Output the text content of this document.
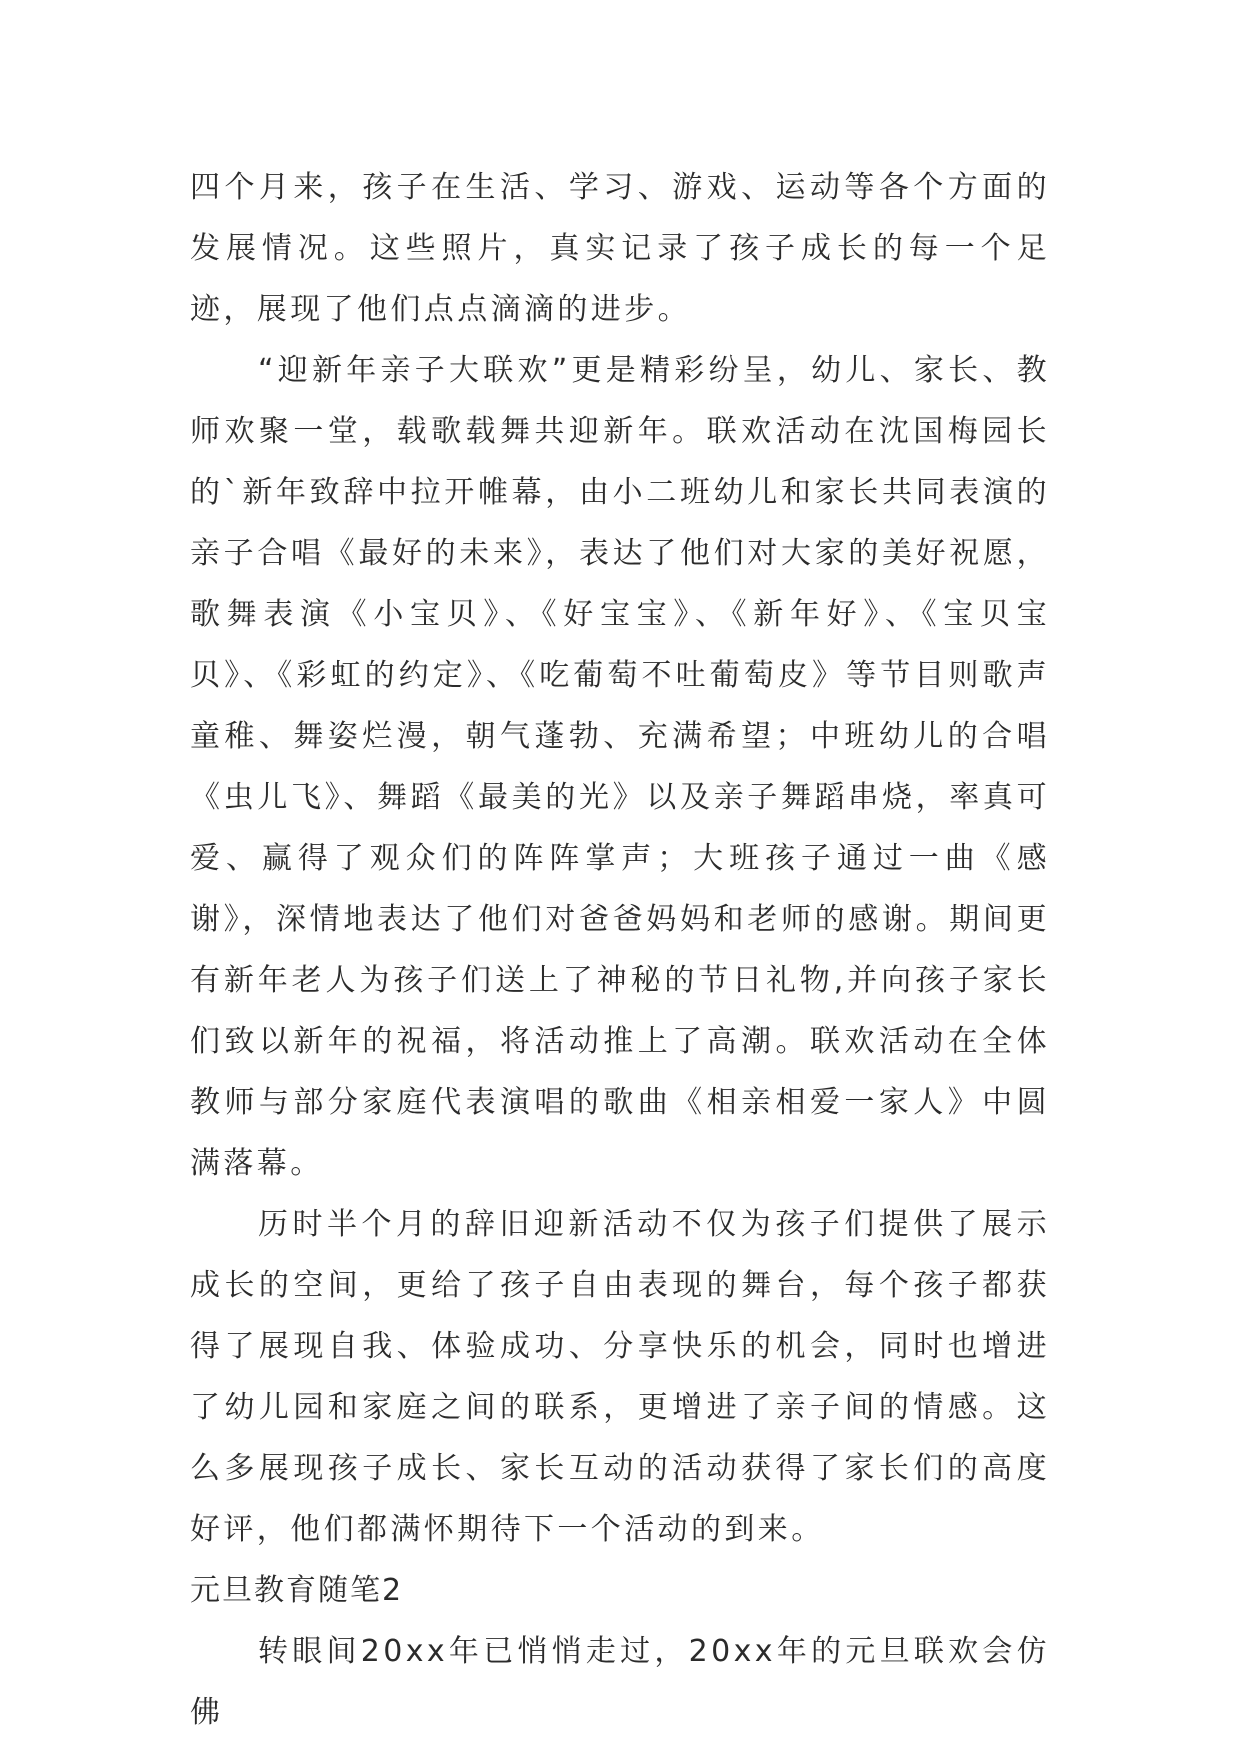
四个月来，孩子在生活、学习、游戏、运动等各个方面的发展情况。这些照片，真实记录了孩子成长的每一个足迹，展现了他们点点滴滴的进步。

“迎新年亲子大联欢”更是精彩纷呈，幼儿、家长、教师欢聚一堂，载歌载舞共迎新年。联欢活动在沈国梅园长的`新年致辞中拉开帷幕，由小二班幼儿和家长共同表演的亲子合唱《最好的未来》，表达了他们对大家的美好祝愿，歌舞表演《小宝贝》、《好宝宝》、《新年好》、《宝贝宝贝》、《彩虹的约定》、《吃葡萄不吐葡萄皮》等节目则歌声童稚、舞姿烂漫，朝气蓬勃、充满希望；中班幼儿的合唱《虫儿飞》、舞蹈《最美的光》以及亲子舞蹈串烧，率真可爱、赢得了观众们的阵阵掌声；大班孩子通过一曲《感谢》，深情地表达了他们对爸爸妈妈和老师的感谢。期间更有新年老人为孩子们送上了神秘的节日礼物,并向孩子家长们致以新年的祝福，将活动推上了高潮。联欢活动在全体教师与部分家庭代表演唱的歌曲《相亲相爱一家人》中圆满落幕。

历时半个月的辞旧迎新活动不仅为孩子们提供了展示成长的空间，更给了孩子自由表现的舞台，每个孩子都获得了展现自我、体验成功、分享快乐的机会，同时也增进了幼儿园和家庭之间的联系，更增进了亲子间的情感。这么多展现孩子成长、家长互动的活动获得了家长们的高度好评，他们都满怀期待下一个活动的到来。

元旦教育随笔2

转眼间20xx年已悄悄走过，20xx年的元旦联欢会仿佛
